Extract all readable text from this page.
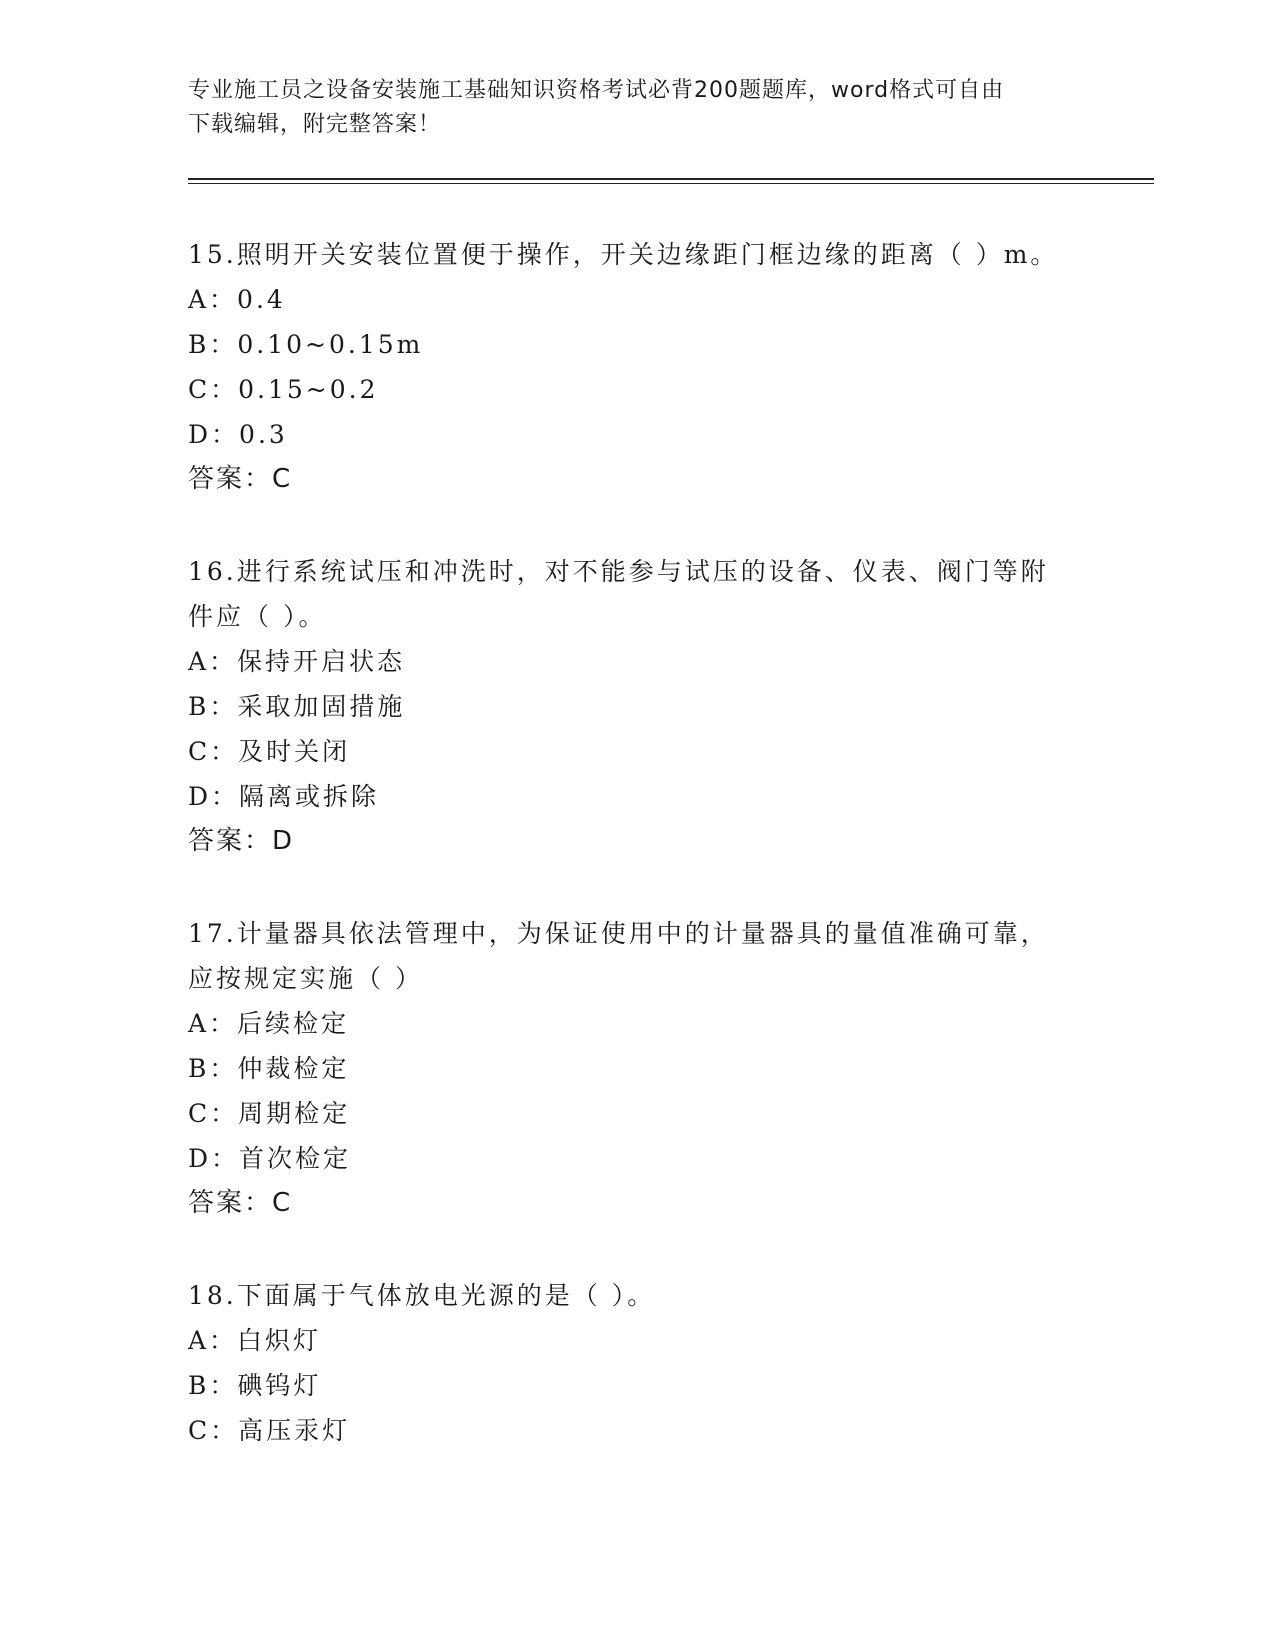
专业施工员之设备安装施工基础知识资格考试必背200题题库，word格式可自由
下载编辑，附完整答案！
15.照明开关安装位置便于操作，开关边缘距门框边缘的距离（ ）m。
A：0.4
B：0.10~0.15m
C：0.15~0.2
D：0.3
答案：C
16.进行系统试压和冲洗时，对不能参与试压的设备、仪表、阀门等附
件应（ ）。
A：保持开启状态
B：采取加固措施
C：及时关闭
D：隔离或拆除
答案：D
17.计量器具依法管理中，为保证使用中的计量器具的量值准确可靠，
应按规定实施（ ）
A：后续检定
B：仲裁检定
C：周期检定
D：首次检定
答案：C
18.下面属于气体放电光源的是（ ）。
A：白炽灯
B：碘钨灯
C：高压汞灯
